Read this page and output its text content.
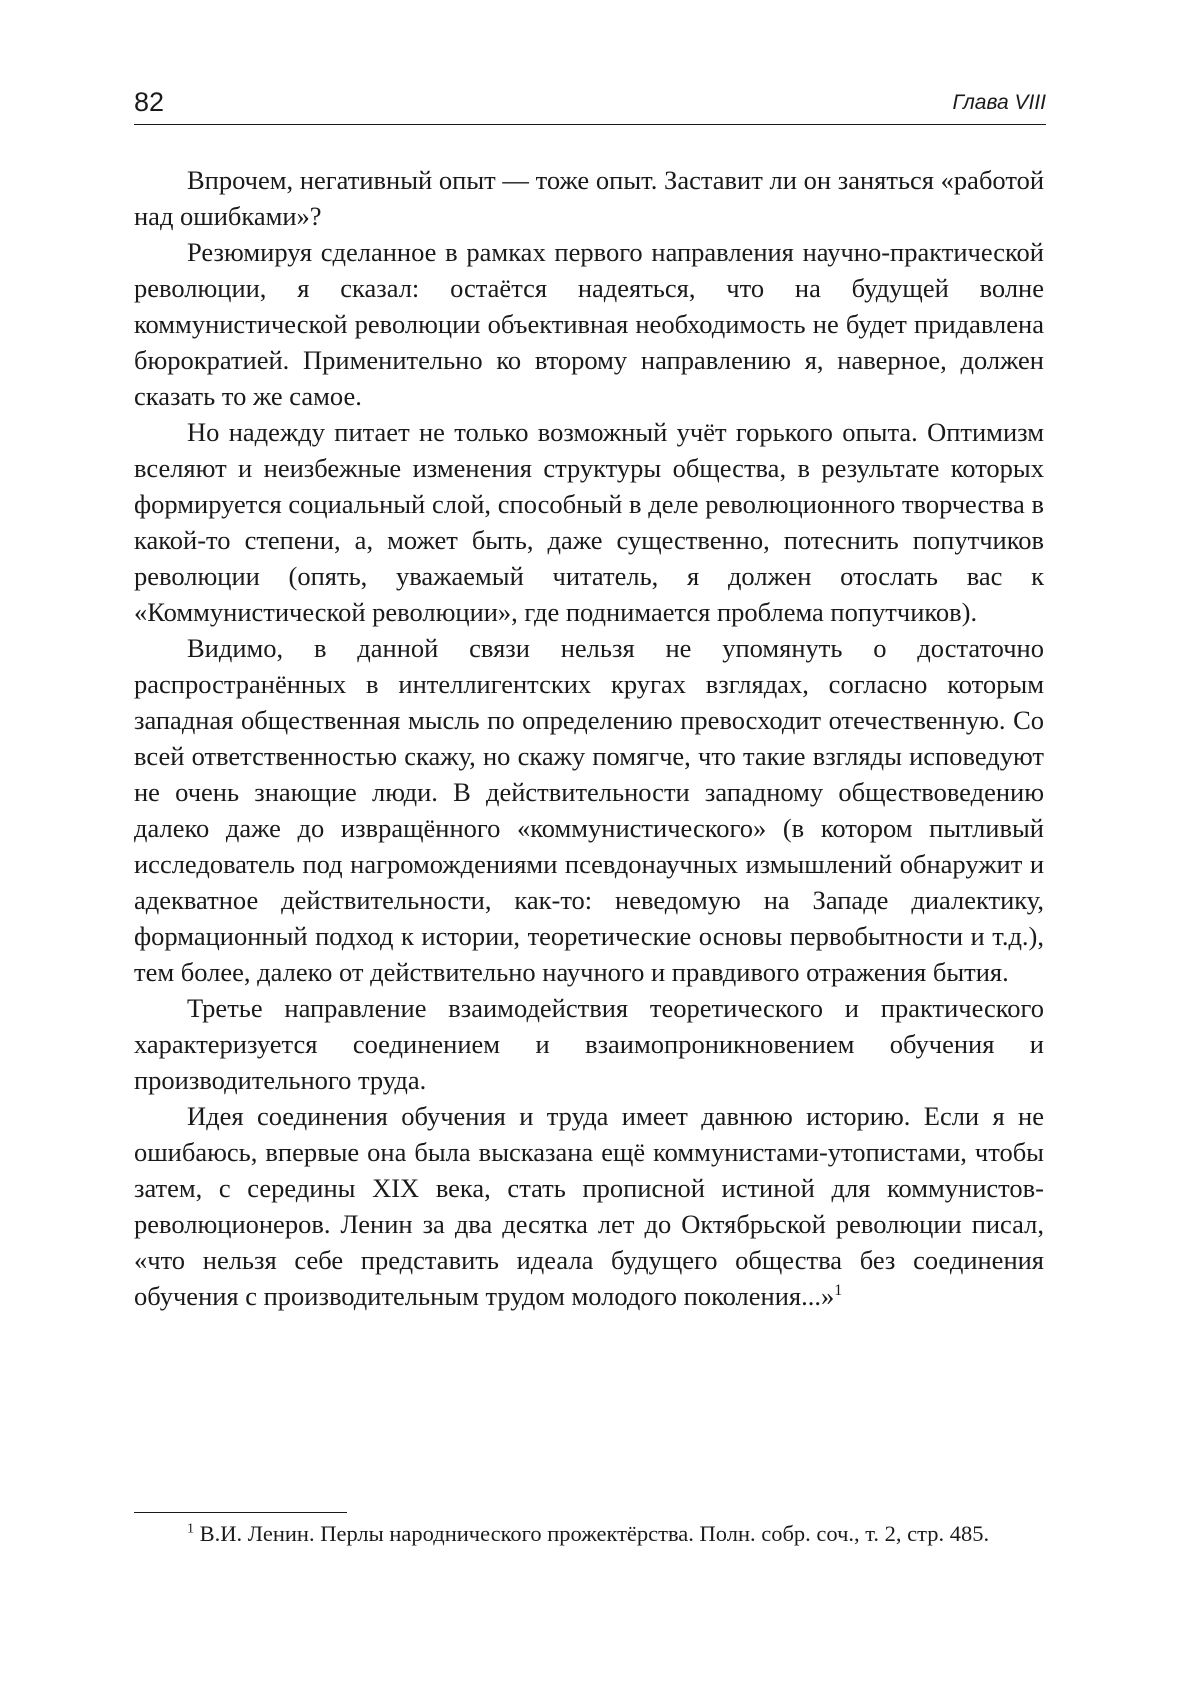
82	Глава VIII

Впрочем, негативный опыт — тоже опыт. Заставит ли он заняться «работой над ошибками»?

Резюмируя сделанное в рамках первого направления научно-практической революции, я сказал: остаётся надеяться, что на будущей волне коммунистической революции объективная необходимость не будет придавлена бюрократией. Применительно ко второму направлению я, наверное, должен сказать то же самое.

Но надежду питает не только возможный учёт горького опыта. Оптимизм вселяют и неизбежные изменения структуры общества, в результате которых формируется социальный слой, способный в деле революционного творчества в какой-то степени, а, может быть, даже существенно, потеснить попутчиков революции (опять, уважаемый читатель, я должен отослать вас к «Коммунистической революции», где поднимается проблема попутчиков).

Видимо, в данной связи нельзя не упомянуть о достаточно распространённых в интеллигентских кругах взглядах, согласно которым западная общественная мысль по определению превосходит отечественную. Со всей ответственностью скажу, но скажу помягче, что такие взгляды исповедуют не очень знающие люди. В действительности западному обществоведению далеко даже до извращённого «коммунистического» (в котором пытливый исследователь под нагромождениями псевдонаучных измышлений обнаружит и адекватное действительности, как-то: неведомую на Западе диалектику, формационный подход к истории, теоретические основы первобытности и т.д.), тем более, далеко от действительно научного и правдивого отражения бытия.

Третье направление взаимодействия теоретического и практического характеризуется соединением и взаимопроникновением обучения и производительного труда.

Идея соединения обучения и труда имеет давнюю историю. Если я не ошибаюсь, впервые она была высказана ещё коммунистами-утопистами, чтобы затем, с середины XIX века, стать прописной истиной для коммунистов-революционеров. Ленин за два десятка лет до Октябрьской революции писал, «что нельзя себе представить идеала будущего общества без соединения обучения с производительным трудом молодого поколения...»$^1$

$^1$ В.И. Ленин. Перлы народнического прожектёрства. Полн. собр. соч., т. 2, стр. 485.
